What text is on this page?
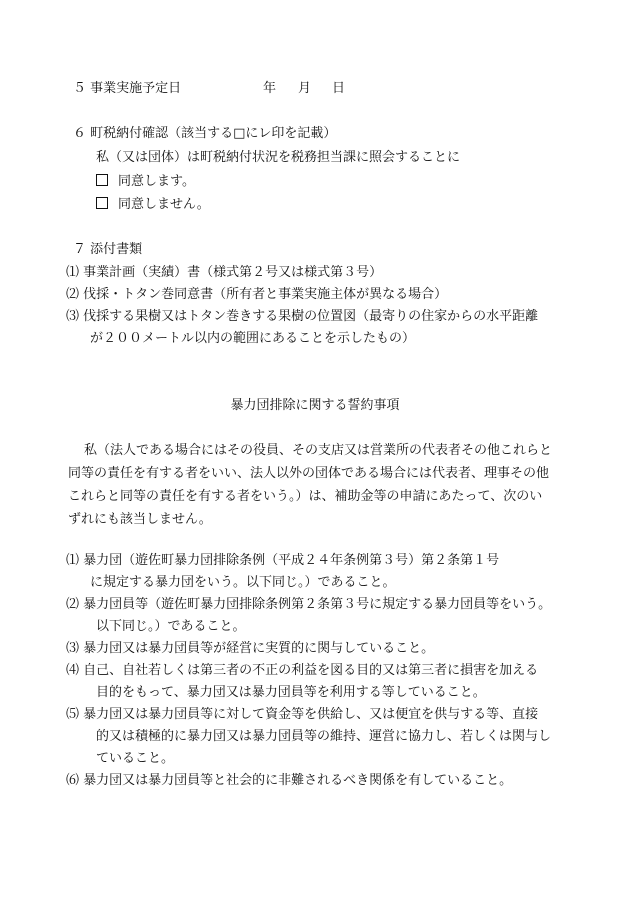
５ 事業実施予定日	年 月 日
６ 町税納付確認（該当する□にレ印を記載）
私（又は団体）は町税納付状況を税務担当課に照会することに
同意します。
同意しません。
７ 添付書類
⑴ 事業計画（実績）書（様式第２号又は様式第３号）
⑵ 伐採・トタン巻同意書（所有者と事業実施主体が異なる場合）
⑶ 伐採する果樹又はトタン巻きする果樹の位置図（最寄りの住家からの水平距離
が２００メートル以内の範囲にあることを示したもの）
暴力団排除に関する誓約事項
私（法人である場合にはその役員、その支店又は営業所の代表者その他これらと
同等の責任を有する者をいい、法人以外の団体である場合には代表者、理事その他
これらと同等の責任を有する者をいう。）は、補助金等の申請にあたって、次のい
ずれにも該当しません。
⑴ 暴力団（遊佐町暴力団排除条例（平成２４年条例第３号）第２条第１号
に規定する暴力団をいう。以下同じ。）であること。
⑵ 暴力団員等（遊佐町暴力団排除条例第２条第３号に規定する暴力団員等をいう。
以下同じ。）であること。
⑶ 暴力団又は暴力団員等が経営に実質的に関与していること。
⑷ 自己、自社若しくは第三者の不正の利益を図る目的又は第三者に損害を加える
目的をもって、暴力団又は暴力団員等を利用する等していること。
⑸ 暴力団又は暴力団員等に対して資金等を供給し、又は便宜を供与する等、直接
的又は積極的に暴力団又は暴力団員等の維持、運営に協力し、若しくは関与し
ていること。
⑹ 暴力団又は暴力団員等と社会的に非難されるべき関係を有していること。
